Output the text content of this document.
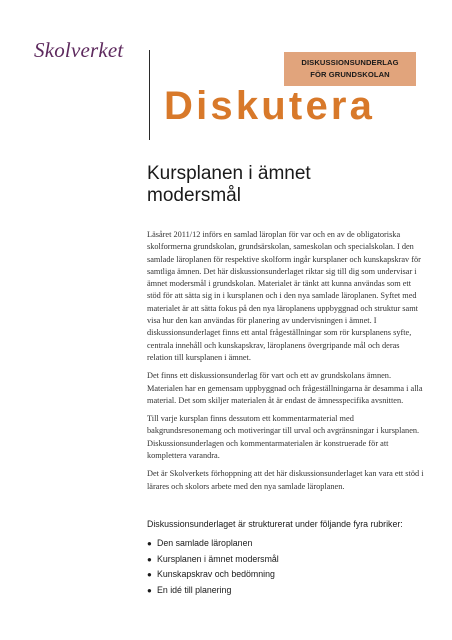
Skolverket
DISKUSSIONSUNDERLAG
FÖR GRUNDSKOLAN
Diskutera
Kursplanen i ämnet
modersmål

Läsåret 2011/12 införs en samlad läroplan för var och en av de obligatoriska skolformerna grundskolan, grundsärskolan, sameskolan och specialskolan. I den samlade läroplanen för respektive skolform ingår kursplaner och kunskapskrav för samtliga ämnen. Det här diskussionsunderlaget riktar sig till dig som undervisar i ämnet modersmål i grundskolan. Materialet är tänkt att kunna användas som ett stöd för att sätta sig in i kursplanen och i den nya samlade läroplanen. Syftet med materialet är att sätta fokus på den nya läroplanens uppbyggnad och struktur samt visa hur den kan användas för planering av undervisningen i ämnet. I diskussionsunderlaget finns ett antal frågeställningar som rör kursplanens syfte, centrala innehåll och kunskapskrav, läroplanens övergripande mål och deras relation till kursplanen i ämnet.

Det finns ett diskussionsunderlag för vart och ett av grundskolans ämnen. Materialen har en gemensam uppbyggnad och frågeställningarna är desamma i alla material. Det som skiljer materialen åt är endast de ämnesspecifika avsnitten.

Till varje kursplan finns dessutom ett kommentarmaterial med bakgrundsresonemang och motiveringar till urval och avgränsningar i kursplanen. Diskussionsunderlagen och kommentarmaterialen är konstruerade för att komplettera varandra.

Det är Skolverkets förhoppning att det här diskussionsunderlaget kan vara ett stöd i lärares och skolors arbete med den nya samlade läroplanen.

Diskussionsunderlaget är strukturerat under följande fyra rubriker:

● Den samlade läroplanen
● Kursplanen i ämnet modersmål
● Kunskapskrav och bedömning
● En idé till planering
